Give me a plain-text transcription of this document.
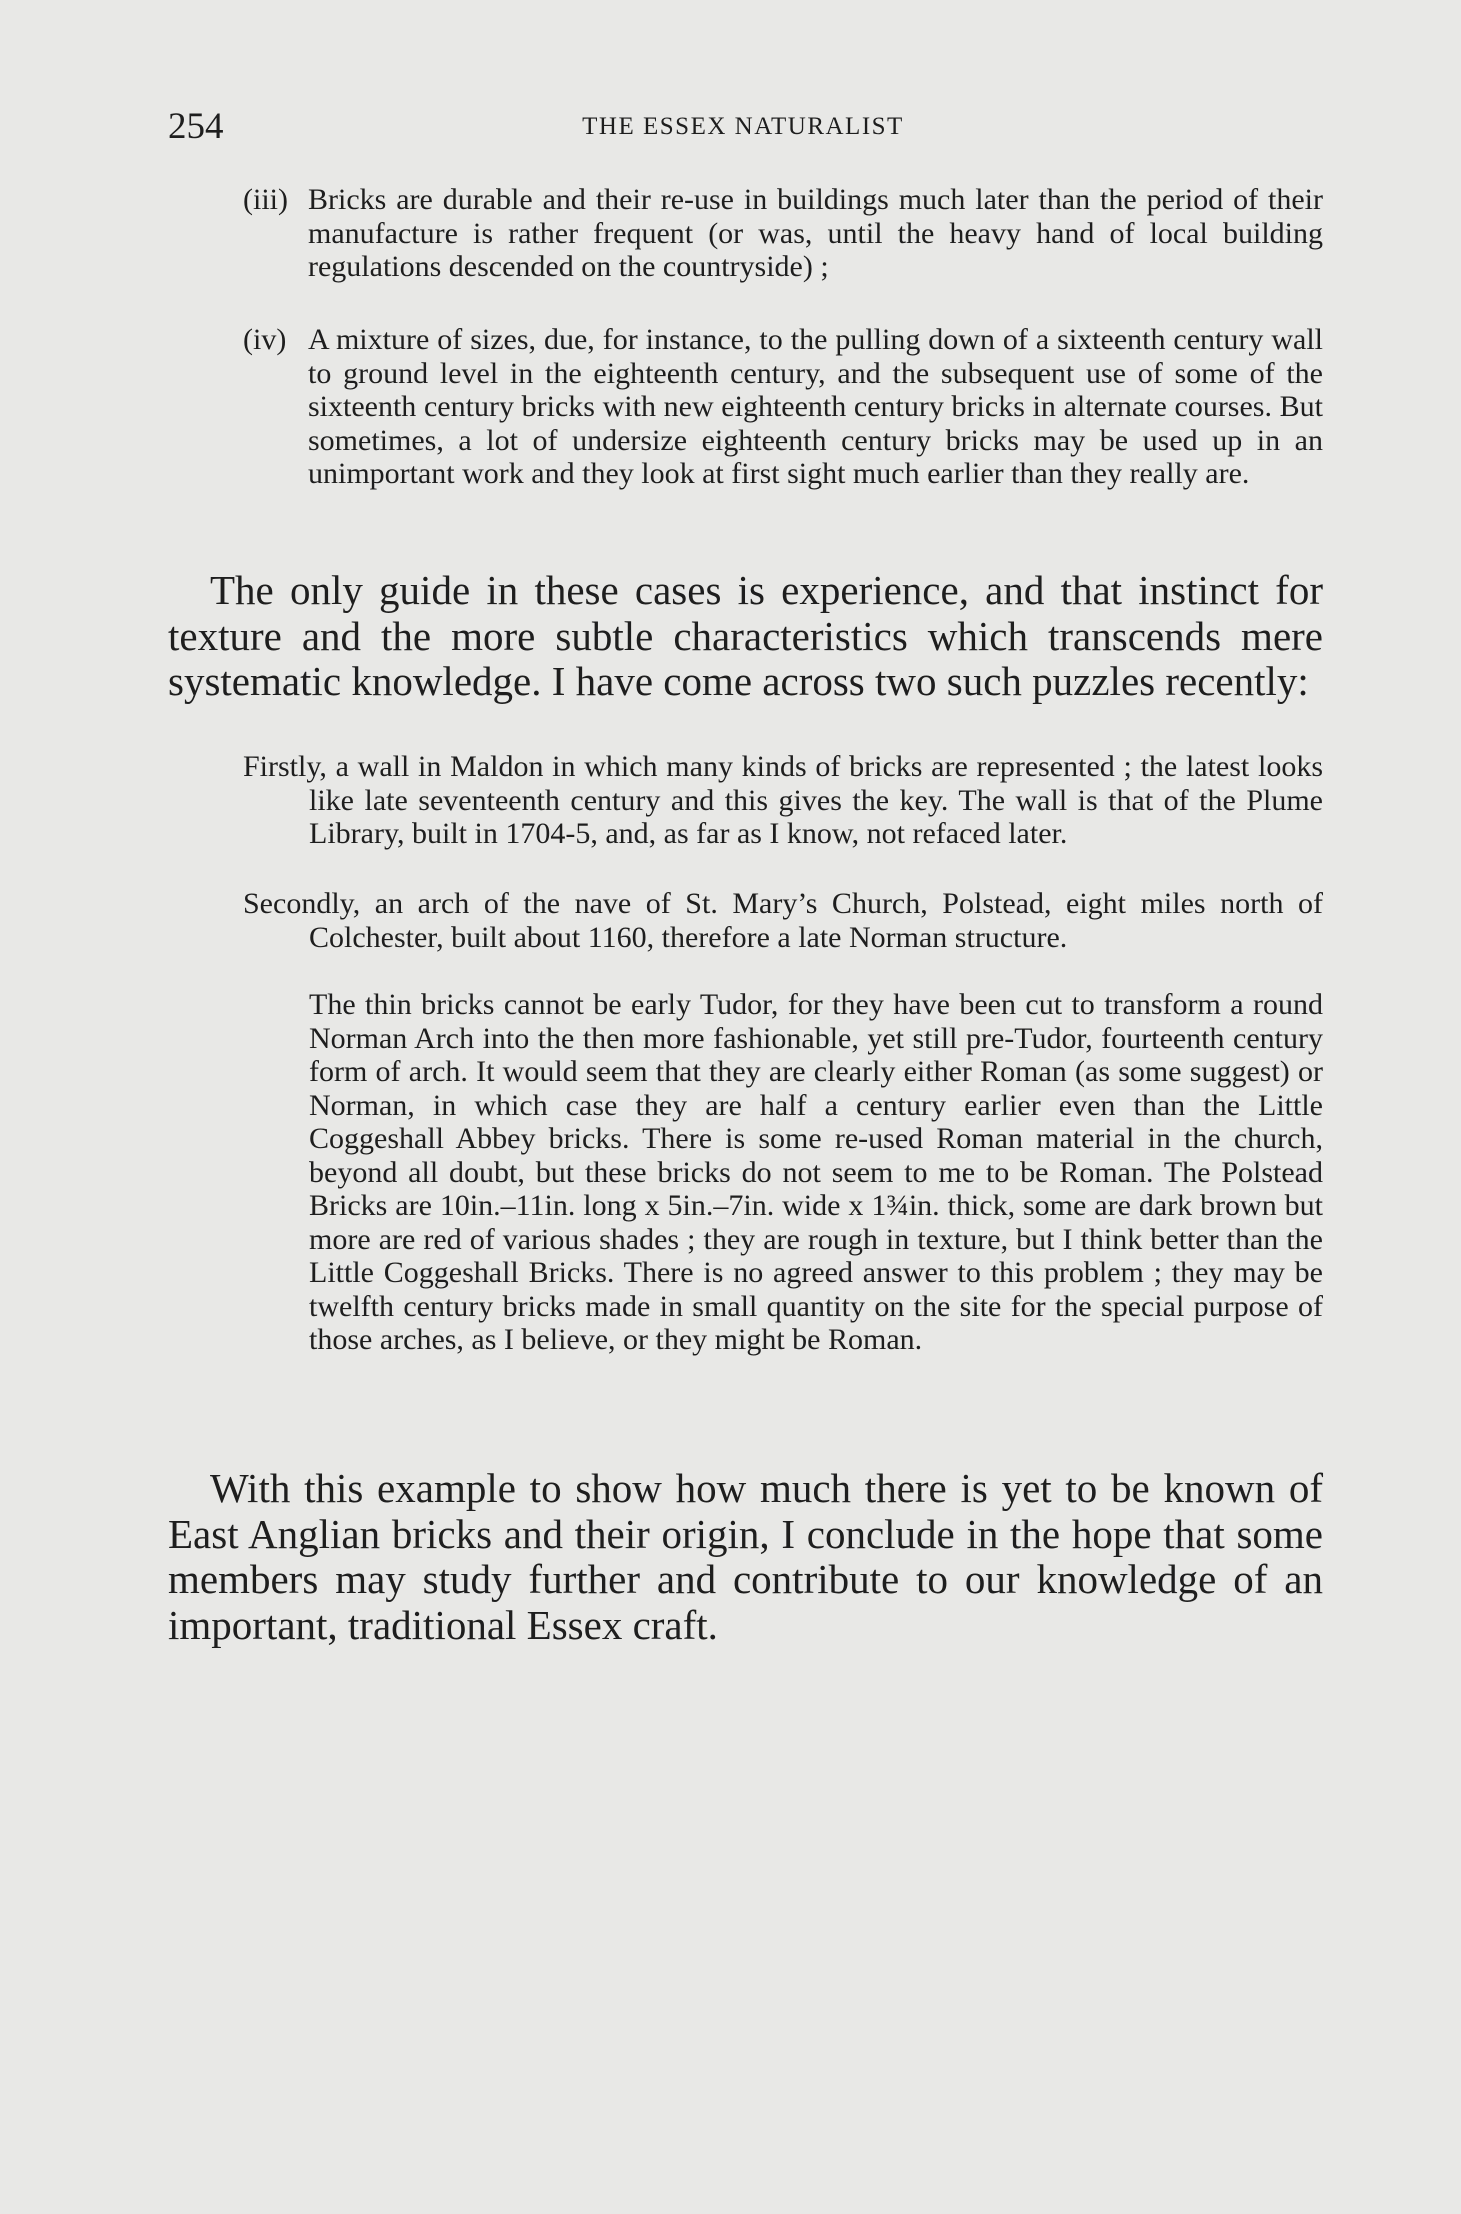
254	THE ESSEX NATURALIST
(iii) Bricks are durable and their re-use in buildings much later than the period of their manufacture is rather frequent (or was, until the heavy hand of local building regulations descended on the countryside) ;
(iv) A mixture of sizes, due, for instance, to the pulling down of a sixteenth century wall to ground level in the eighteenth century, and the subsequent use of some of the sixteenth century bricks with new eighteenth century bricks in alternate courses. But sometimes, a lot of undersize eighteenth century bricks may be used up in an unimportant work and they look at first sight much earlier than they really are.
The only guide in these cases is experience, and that instinct for texture and the more subtle characteristics which transcends mere systematic knowledge. I have come across two such puzzles recently:
Firstly, a wall in Maldon in which many kinds of bricks are represented ; the latest looks like late seventeenth century and this gives the key. The wall is that of the Plume Library, built in 1704-5, and, as far as I know, not refaced later.
Secondly, an arch of the nave of St. Mary’s Church, Polstead, eight miles north of Colchester, built about 1160, therefore a late Norman structure.
The thin bricks cannot be early Tudor, for they have been cut to transform a round Norman Arch into the then more fashionable, yet still pre-Tudor, fourteenth century form of arch. It would seem that they are clearly either Roman (as some suggest) or Norman, in which case they are half a century earlier even than the Little Coggeshall Abbey bricks. There is some re-used Roman material in the church, beyond all doubt, but these bricks do not seem to me to be Roman. The Polstead Bricks are 10in.–11in. long x 5in.–7in. wide x 1¾in. thick, some are dark brown but more are red of various shades ; they are rough in texture, but I think better than the Little Coggeshall Bricks. There is no agreed answer to this problem ; they may be twelfth century bricks made in small quantity on the site for the special purpose of those arches, as I believe, or they might be Roman.
With this example to show how much there is yet to be known of East Anglian bricks and their origin, I conclude in the hope that some members may study further and contribute to our knowledge of an important, traditional Essex craft.
